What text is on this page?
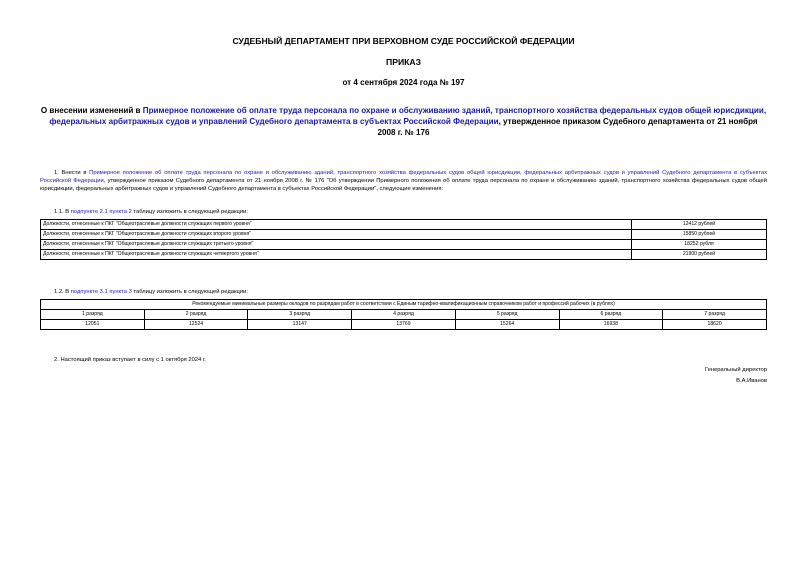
СУДЕБНЫЙ ДЕПАРТАМЕНТ ПРИ ВЕРХОВНОМ СУДЕ РОССИЙСКОЙ ФЕДЕРАЦИИ
ПРИКАЗ
от 4 сентября 2024 года № 197
О внесении изменений в Примерное положение об оплате труда персонала по охране и обслуживанию зданий, транспортного хозяйства федеральных судов общей юрисдикции, федеральных арбитражных судов и управлений Судебного департамента в субъектах Российской Федерации, утвержденное приказом Судебного департамента от 21 ноября 2008 г. № 176
1. Внести в Примерное положение об оплате труда персонала по охране и обслуживанию зданий, транспортного хозяйства федеральных судов общей юрисдикции, федеральных арбитражных судов и управлений Судебного департамента в субъектах Российской Федерации, утвержденное приказом Судебного департамента от 21 ноября 2008 г. № 176 "Об утверждении Примерного положения об оплате труда персонала по охране и обслуживанию зданий, транспортного хозяйства федеральных судов общей юрисдикции, федеральных арбитражных судов и управлений Судебного департамента в субъектах Российской Федерации", следующие изменения:
1.1. В подпункте 2.1 пункта 2 таблицу изложить в следующей редакции:
Должности, отнесенные к ПКГ "Общеотраслевые должности служащих первого уровня"	12412 рублей
Должности, отнесенные к ПКГ "Общеотраслевые должности служащих второго уровня"	15850 рублей
Должности, отнесенные к ПКГ "Общеотраслевые должности служащих третьего уровня"	18252 рубля
Должности, отнесенные к ПКГ "Общеотраслевые должности служащих четвертого уровня"	21900 рублей
1.2. В подпункте 3.1 пункта 3 таблицу изложить в следующей редакции:
Рекомендуемые минимальные размеры окладов по разрядам работ в соответствии с Единым тарифно-квалификационным справочником работ и профессий рабочих (в рублях)						
1 разряд	2 разряд	3 разряд	4 разряд	5 разряд	6 разряд	7 разряд
12051	12524	13147	13769	15264	16938	18620
2. Настоящий приказ вступает в силу с 1 октября 2024 г.
Генеральный директор
В.А.Иванов
